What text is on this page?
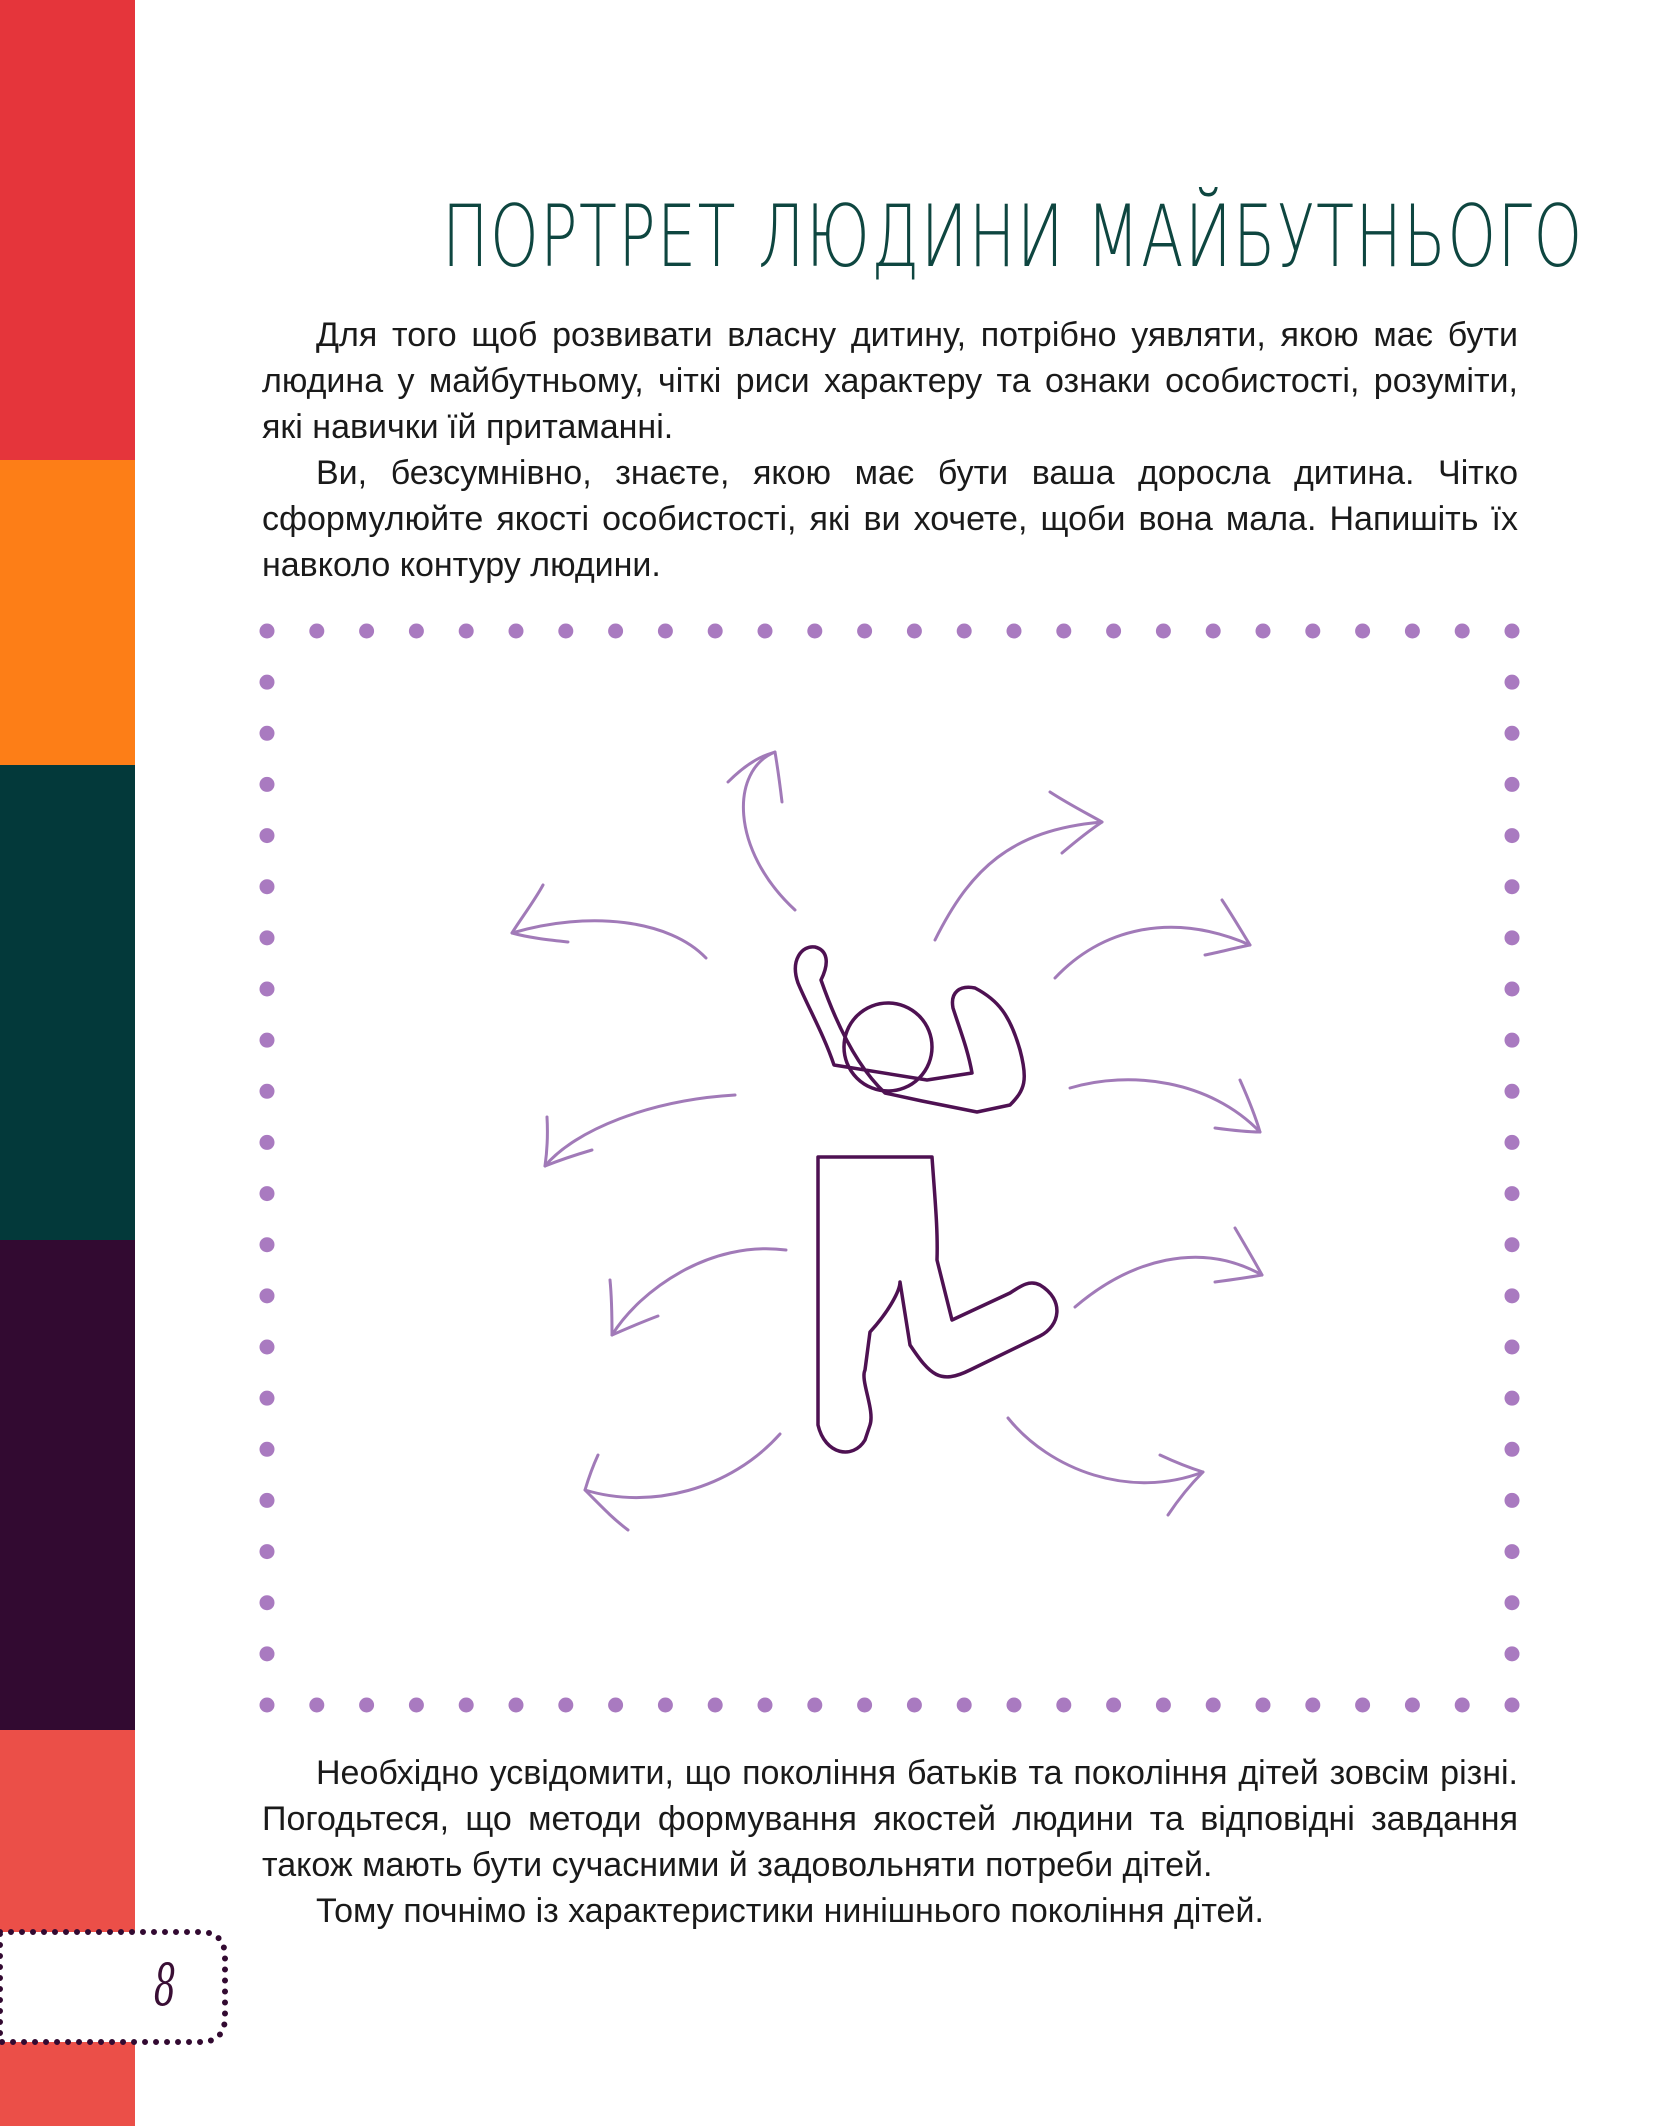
ПОРТРЕТ ЛЮДИНИ МАЙБУТНЬОГО

Для того щоб розвивати власну дитину, потрібно уявляти, якою має бути людина у майбутньому, чіткі риси характеру та ознаки особистості, розуміти, які навички їй притаманні.

Ви, безсумнівно, знаєте, якою має бути ваша доросла дитина. Чітко сформулюйте якості особистості, які ви хочете, щоби вона мала. Напишіть їх навколо контуру людини.

Необхідно усвідомити, що покоління батьків та покоління дітей зовсім різні. Погодьтеся, що методи формування якостей людини та відповідні завдання також мають бути сучасними й задовольняти потреби дітей.

Тому почнімо із характеристики нинішнього покоління дітей.

8
